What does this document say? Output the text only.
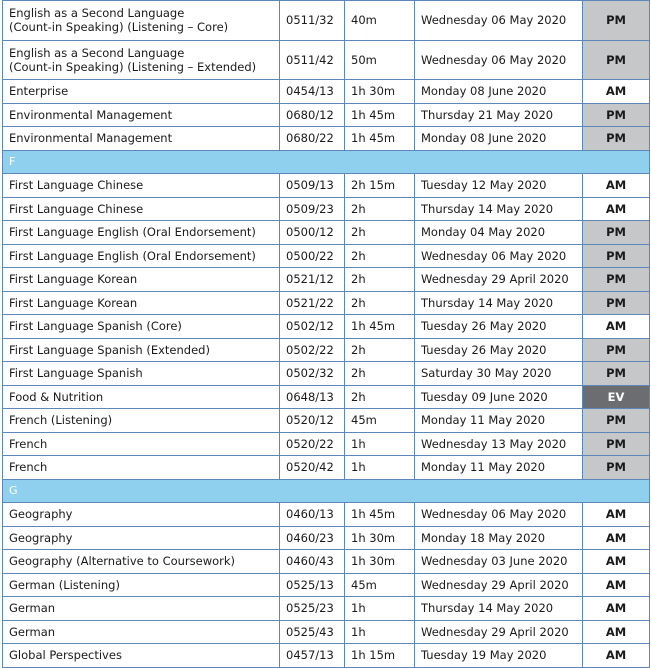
English as a Second Language
(Count-in Speaking) (Listening – Core)	0511/32	40m	Wednesday 06 May 2020	PM

English as a Second Language
(Count-in Speaking) (Listening – Extended)	0511/42	50m	Wednesday 06 May 2020	PM

Enterprise	0454/13	1h 30m	Monday 08 June 2020	AM

Environmental Management	0680/12	1h 45m	Thursday 21 May 2020	PM

Environmental Management	0680/22	1h 45m	Monday 08 June 2020	PM
F				

First Language Chinese	0509/13	2h 15m	Tuesday 12 May 2020	AM

First Language Chinese	0509/23	2h	Thursday 14 May 2020	AM

First Language English (Oral Endorsement)	0500/12	2h	Monday 04 May 2020	PM

First Language English (Oral Endorsement)	0500/22	2h	Wednesday 06 May 2020	PM

First Language Korean	0521/12	2h	Wednesday 29 April 2020	PM

First Language Korean	0521/22	2h	Thursday 14 May 2020	PM

First Language Spanish (Core)	0502/12	1h 45m	Tuesday 26 May 2020	AM

First Language Spanish (Extended)	0502/22	2h	Tuesday 26 May 2020	PM

First Language Spanish	0502/32	2h	Saturday 30 May 2020	PM

Food & Nutrition	0648/13	2h	Tuesday 09 June 2020	EV

French (Listening)	0520/12	45m	Monday 11 May 2020	PM

French	0520/22	1h	Wednesday 13 May 2020	PM

French	0520/42	1h	Monday 11 May 2020	PM
G				

Geography	0460/13	1h 45m	Wednesday 06 May 2020	AM

Geography	0460/23	1h 30m	Monday 18 May 2020	AM

Geography (Alternative to Coursework)	0460/43	1h 30m	Wednesday 03 June 2020	AM

German (Listening)	0525/13	45m	Wednesday 29 April 2020	AM

German	0525/23	1h	Thursday 14 May 2020	AM

German	0525/43	1h	Wednesday 29 April 2020	AM

Global Perspectives	0457/13	1h 15m	Tuesday 19 May 2020	AM
